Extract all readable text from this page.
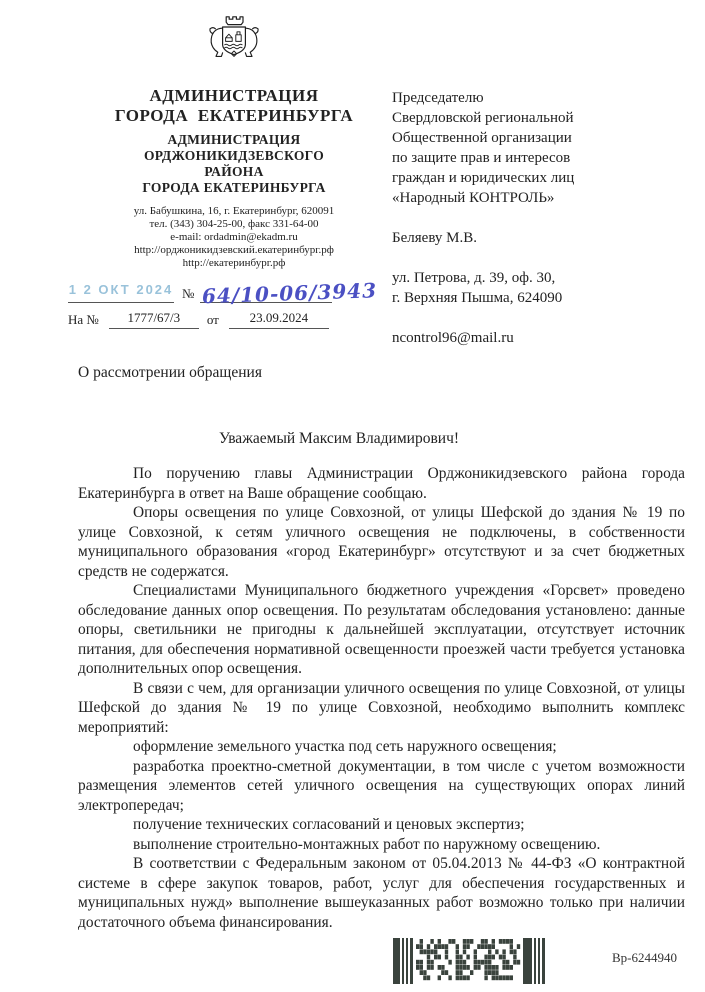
АДМИНИСТРАЦИЯ
ГОРОДА ЕКАТЕРИНБУРГА
АДМИНИСТРАЦИЯ
ОРДЖОНИКИДЗЕВСКОГО
РАЙОНА
ГОРОДА ЕКАТЕРИНБУРГА
ул. Бабушкина, 16, г. Екатеринбург, 620091
тел. (343) 304-25-00, факс 331-64-00
e-mail: ordadmin@ekadm.ru
http://орджоникидзевский.екатеринбург.рф
http://екатеринбург.рф
1 2 ОКТ 2024 № 64/10-06/3943
На №	1777/67/3	от	23.09.2024
Председателю
Свердловской региональной
Общественной организации
по защите прав и интересов
граждан и юридических лиц
«Народный КОНТРОЛЬ»

Беляеву М.В.

ул. Петрова, д. 39, оф. 30,
г. Верхняя Пышма, 624090

ncontrol96@mail.ru
О рассмотрении обращения
Уважаемый Максим Владимирович!

По поручению главы Администрации Орджоникидзевского района города Екатеринбурга в ответ на Ваше обращение сообщаю.

Опоры освещения по улице Совхозной, от улицы Шефской до здания № 19 по улице Совхозной, к сетям уличного освещения не подключены, в собственности муниципального образования «город Екатеринбург» отсутствуют и за счет бюджетных средств не содержатся.

Специалистами Муниципального бюджетного учреждения «Горсвет» проведено обследование данных опор освещения. По результатам обследования установлено: данные опоры, светильники не пригодны к дальнейшей эксплуатации, отсутствует источник питания, для обеспечения нормативной освещенности проезжей части требуется установка дополнительных опор освещения.

В связи с чем, для организации уличного освещения по улице Совхозной, от улицы Шефской до здания № 19 по улице Совхозной, необходимо выполнить комплекс мероприятий:

оформление земельного участка под сеть наружного освещения;

разработка проектно-сметной документации, в том числе с учетом возможности размещения элементов сетей уличного освещения на существующих опорах линий электропередач;

получение технических согласований и ценовых экспертиз;

выполнение строительно-монтажных работ по наружному освещению.

В соответствии с Федеральным законом от 05.04.2013 № 44-ФЗ «О контрактной системе в сфере закупок товаров, работ, услуг для обеспечения государственных и муниципальных нужд» выполнение вышеуказанных работ возможно только при наличии достаточного объема финансирования.

Вр-6244940
